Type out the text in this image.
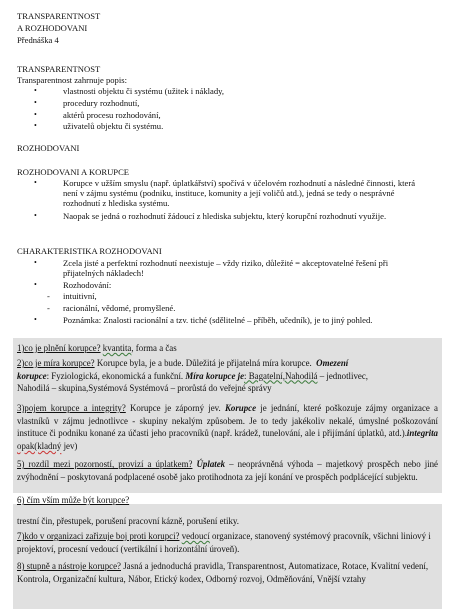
TRANSPARENTNOST
A ROZHODOVANI
Přednáška 4
TRANSPARENTNOST
Transparentnost zahrnuje popis:
•	vlastnosti objektu či systému (užitek i náklady,
•	procedury rozhodnutí,
•	aktérů procesu rozhodování,
•	uživatelů objektu či systému.
ROZHODOVANI
ROZHODOVANI A KORUPCE
•	Korupce v užším smyslu (např. úplatkářství) spočívá v účelovém rozhodnutí a následné činnosti, která není v zájmu systému (podniku, instituce, komunity a její voličů atd.), jedná se tedy o nesprávné rozhodnutí z hlediska systému.
•	Naopak se jedná o rozhodnutí žádoucí z hlediska subjektu, který korupční rozhodnutí využije.
CHARAKTERISTIKA ROZHODOVANI
•	Zcela jisté a perfektní rozhodnutí neexistuje – vždy riziko, důležité = akceptovatelné řešení při přijatelných nákladech!
•	Rozhodování:
- intuitivní,
- racionální, vědomé, promyšlené.
•	Poznámka: Znalosti racionální a tzv. tiché (sdělitelné – příběh, učedník), je to jiný pohled.
1)co je plnění korupce? kvantita, forma a čas
2)co je míra korupce? Korupce byla, je a bude. Důležitá je přijatelná míra korupce. Omezení
korupce: Fyziologická, ekonomická a funkční. Míra korupce je: Bagatelní,Nahodilá – jednotlivec,
Nahodilá – skupina,Systémová Systémová – prorůstá do veřejné správy
3)pojem korupce a integrity? Korupce je záporný jev. Korupce je jednání, které poškozuje zájmy organizace a vlastníků v zájmu jednotlivce - skupiny nekalým způsobem. Je to tedy jakékoliv nekalé, úmyslné poškozování instituce či podniku konané za účasti jeho pracovníků (např. krádež, tunelování, ale i přijímání úplatků, atd.).integrita opak(kladný jev)
5) rozdíl mezi pozorností, provizí a úplatkem? Úplatek – neoprávněná výhoda – majetkový prospěch nebo jiné zvýhodnění – poskytovaná podplacené osobě jako protihodnota za její konání ve prospěch podplácející subjektu.
6) čím vším může být korupce?
trestní čin, přestupek, porušení pracovní kázně, porušení etiky.
7)kdo v organizaci zařizuje boj proti korupci? vedoucí organizace, stanovený systémový pracovník, všichni liniový i projektoví, procesní vedoucí (vertikální i horizontální úroveň).
8) stupně a nástroje korupce? Jasná a jednoduchá pravidla, Transparentnost, Automatizace, Rotace, Kvalitní vedení, Kontrola, Organizační kultura, Nábor, Etický kodex, Odborný rozvoj, Odměňování, Vnější vztahy
